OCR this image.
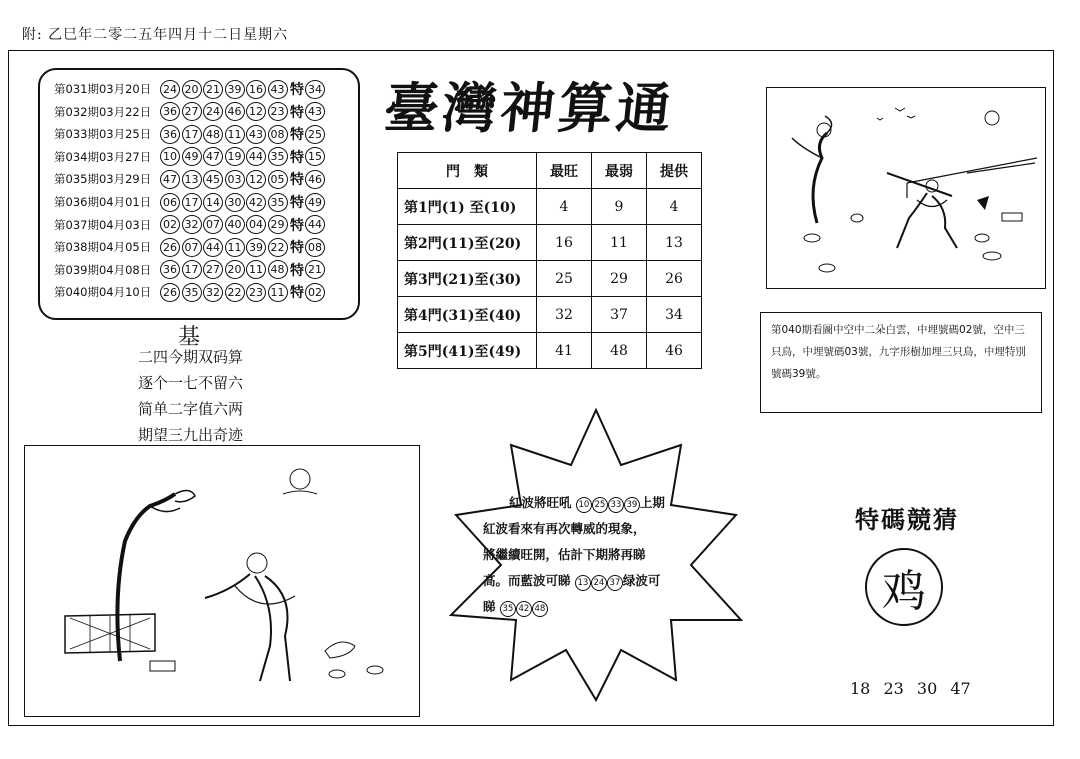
附: 乙巳年二零二五年四月十二日星期六
第031期03月20日	24 20 21 39 16 43 特 34
第032期03月22日	36 27 24 46 12 23 特 43
第033期03月25日	36 17 48 11 43 08 特 25
第034期03月27日	10 49 47 19 44 35 特 15
第035期03月29日	47 13 45 03 12 05 特 46
第036期04月01日	06 17 14 30 42 35 特 49
第037期04月03日	02 32 07 40 04 29 特 44
第038期04月05日	26 07 44 11 39 22 特 08
第039期04月08日	36 17 27 20 11 48 特 21
第040期04月10日	26 35 32 22 23 11 特 02
基
二四今期双码算
逐个一七不留六
简单二字值六两
期望三九出奇迹
臺灣神算通
門　類	最旺	最弱	提供
第1門(1) 至(10)	4	9	4
第2門(11)至(20)	16	11	13
第3門(21)至(30)	25	29	26
第4門(31)至(40)	32	37	34
第5門(41)至(49)	41	48	46
第040期看圖中空中二朵白雲，中埋號碼02號，空中三只鳥，中埋號碼03號，九字形樹加埋三只鳥，中埋特別號碼39號。
紅波將旺吼 10 25 33 39 上期
紅波看來有再次轉威的現象，
將繼續旺開，估計下期將再睇
高。而藍波可睇 13 24 37 绿波可
睇 35 42 48
特碼競猜
鸡
18 23 30 47
